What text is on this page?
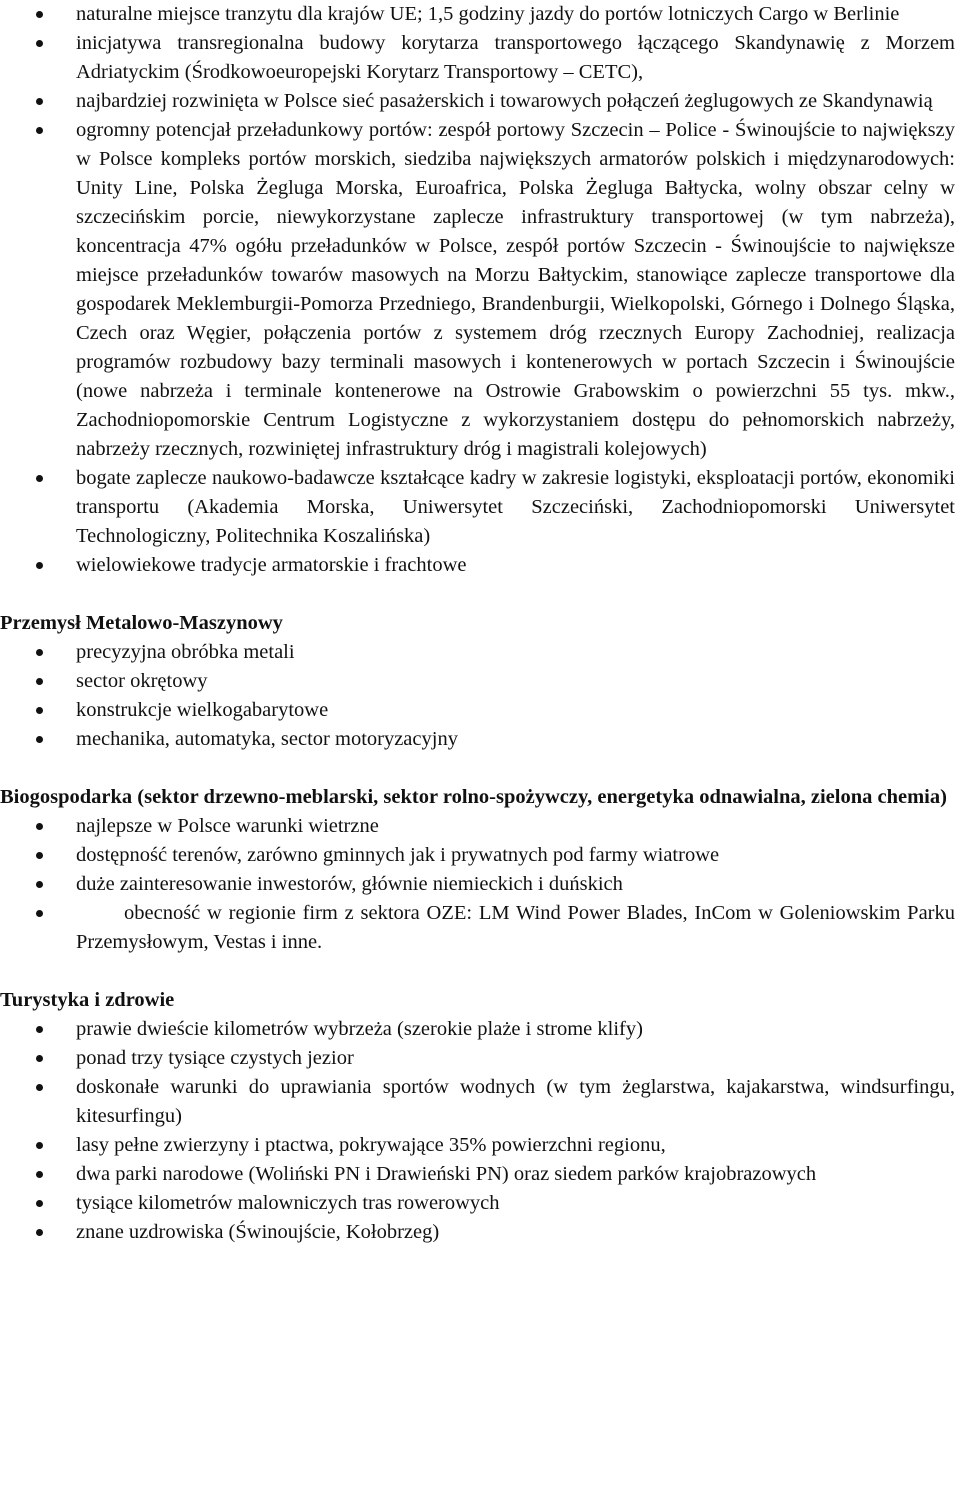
naturalne miejsce tranzytu dla krajów UE; 1,5 godziny jazdy do portów lotniczych Cargo w Berlinie
inicjatywa transregionalna budowy korytarza transportowego łączącego Skandynawię z Morzem Adriatyckim (Środkowoeuropejski Korytarz Transportowy – CETC),
najbardziej rozwinięta w Polsce sieć pasażerskich i towarowych połączeń żeglugowych ze Skandynawią
ogromny potencjał przeładunkowy portów: zespół portowy Szczecin – Police - Świnoujście to największy w Polsce kompleks portów morskich, siedziba największych armatorów polskich i międzynarodowych: Unity Line, Polska Żegluga Morska, Euroafrica, Polska Żegluga Bałtycka, wolny obszar celny w szczecińskim porcie, niewykorzystane zaplecze infrastruktury transportowej (w tym nabrzeża), koncentracja 47% ogółu przeładunków w Polsce, zespół portów Szczecin - Świnoujście to największe miejsce przeładunków towarów masowych na Morzu Bałtyckim, stanowiące zaplecze transportowe dla gospodarek Meklemburgii-Pomorza Przedniego, Brandenburgii, Wielkopolski, Górnego i Dolnego Śląska, Czech oraz Węgier, połączenia portów z systemem dróg rzecznych Europy Zachodniej, realizacja programów rozbudowy bazy terminali masowych i kontenerowych w portach Szczecin i Świnoujście (nowe nabrzeża i terminale kontenerowe na Ostrowie Grabowskim o powierzchni 55 tys. mkw., Zachodniopomorskie Centrum Logistyczne z wykorzystaniem dostępu do pełnomorskich nabrzeży, nabrzeży rzecznych, rozwiniętej infrastruktury dróg i magistrali kolejowych)
bogate zaplecze naukowo-badawcze kształcące kadry w zakresie logistyki, eksploatacji portów, ekonomiki transportu (Akademia Morska, Uniwersytet Szczeciński, Zachodniopomorski Uniwersytet Technologiczny, Politechnika Koszalińska)
wielowiekowe tradycje armatorskie i frachtowe
Przemysł Metalowo-Maszynowy
precyzyjna obróbka metali
sector okrętowy
konstrukcje wielkogabarytowe
mechanika, automatyka, sector motoryzacyjny
Biogospodarka (sektor drzewno-meblarski, sektor rolno-spożywczy, energetyka odnawialna, zielona chemia)
najlepsze w Polsce warunki wietrzne
dostępność terenów, zarówno gminnych jak i prywatnych pod farmy wiatrowe
duże zainteresowanie inwestorów, głównie niemieckich i duńskich
obecność w regionie firm z sektora OZE: LM Wind Power Blades, InCom w Goleniowskim Parku Przemysłowym, Vestas i inne.
Turystyka i zdrowie
prawie dwieście kilometrów wybrzeża (szerokie plaże i strome klify)
ponad trzy tysiące czystych jezior
doskonałe warunki do uprawiania sportów wodnych (w tym żeglarstwa, kajakarstwa, windsurfingu, kitesurfingu)
lasy pełne zwierzyny i ptactwa, pokrywające 35% powierzchni regionu,
dwa parki narodowe (Woliński PN i Drawieński PN) oraz siedem parków krajobrazowych
tysiące kilometrów malowniczych tras rowerowych
znane uzdrowiska (Świnoujście, Kołobrzeg)
